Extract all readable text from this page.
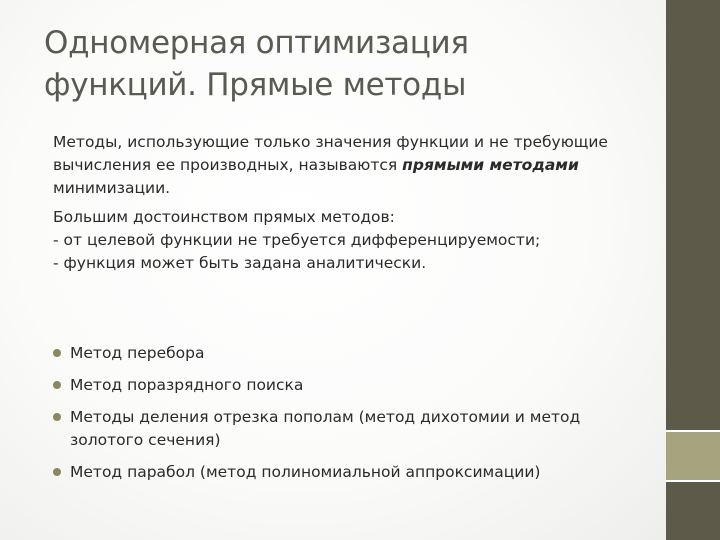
Одномерная оптимизация
функций. Прямые методы

Методы, использующие только значения функции и не требующие вычисления ее производных, называются прямыми методами минимизации.

Большим достоинством прямых методов:

- от целевой функции не требуется дифференцируемости;
- функция может быть задана аналитически.
Метод перебора
Метод поразрядного поиска
Методы деления отрезка пополам (метод дихотомии и метод золотого сечения)
Метод парабол (метод полиномиальной аппроксимации)
